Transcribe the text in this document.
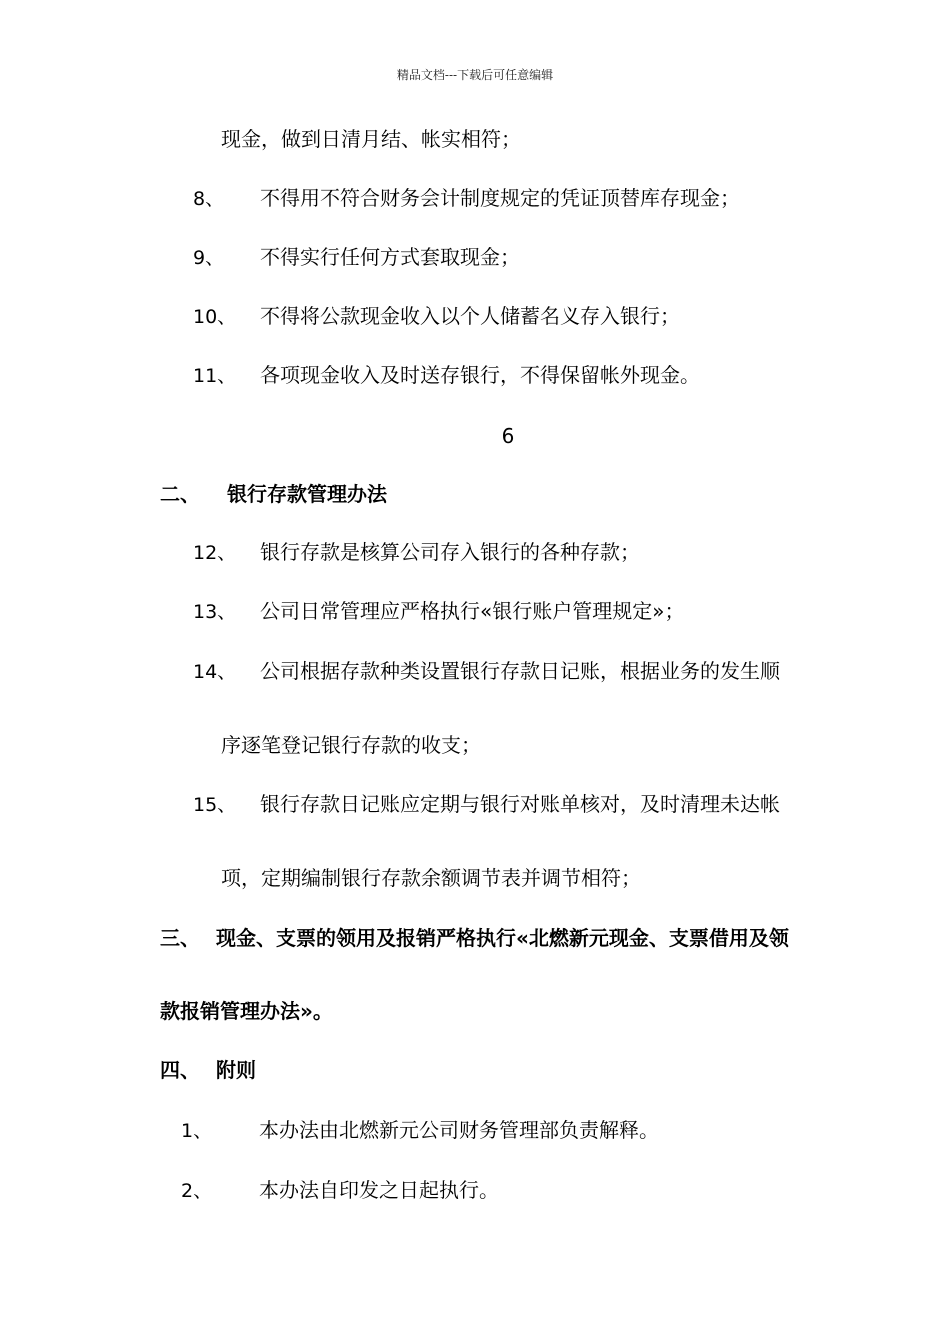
精品文档---下载后可任意编辑
现金，做到日清月结、帐实相符；
8、 不得用不符合财务会计制度规定的凭证顶替库存现金；
9、 不得实行任何方式套取现金；
10、 不得将公款现金收入以个人储蓄名义存入银行；
11、 各项现金收入及时送存银行，不得保留帐外现金。
6
二、 银行存款管理办法
12、 银行存款是核算公司存入银行的各种存款；
13、 公司日常管理应严格执行«银行账户管理规定»；
14、 公司根据存款种类设置银行存款日记账，根据业务的发生顺
序逐笔登记银行存款的收支；
15、 银行存款日记账应定期与银行对账单核对，及时清理未达帐
项，定期编制银行存款余额调节表并调节相符；
三、 现金、支票的领用及报销严格执行«北燃新元现金、支票借用及领
款报销管理办法»。
四、 附则
1、 本办法由北燃新元公司财务管理部负责解释。
2、 本办法自印发之日起执行。
